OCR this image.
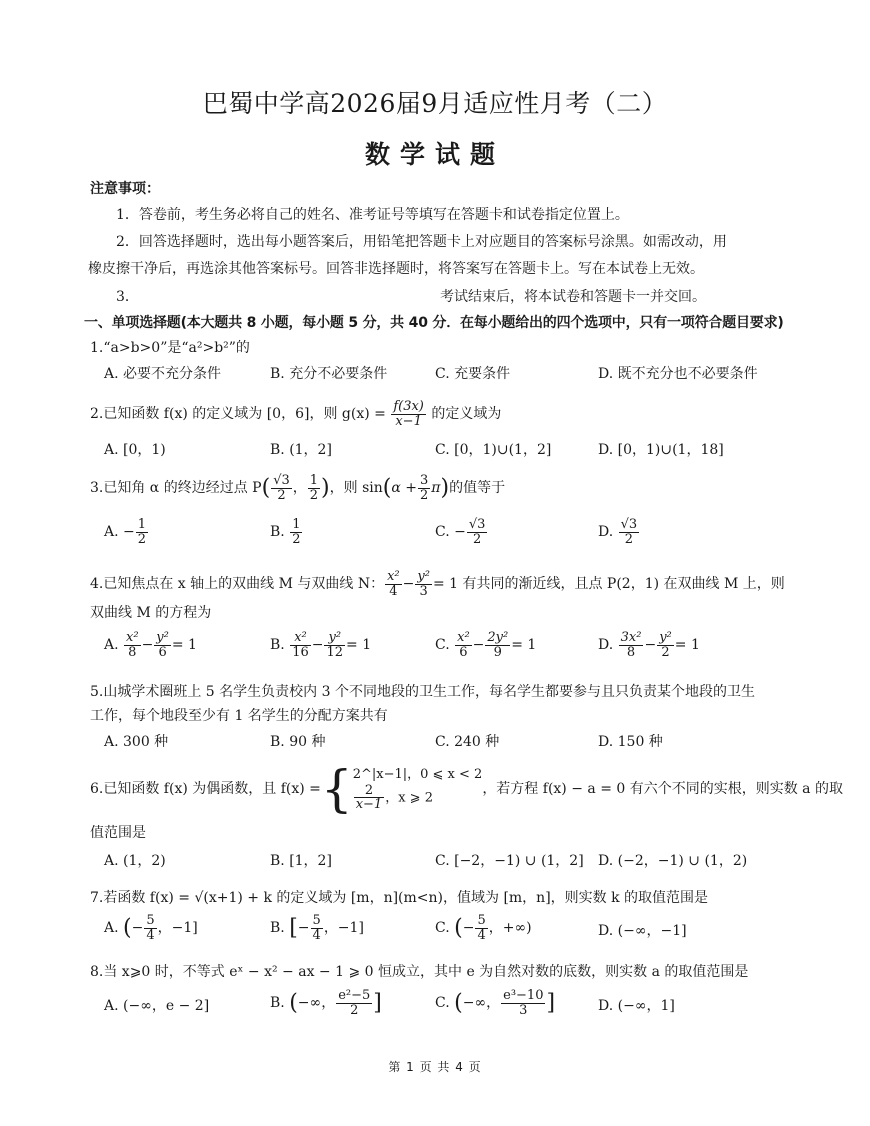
巴蜀中学高2026届9月适应性月考（二）
数学试题
注意事项：
1．答卷前，考生务必将自己的姓名、准考证号等填写在答题卡和试卷指定位置上。
2．回答选择题时，选出每小题答案后，用铅笔把答题卡上对应题目的答案标号涂黑。如需改动，用
橡皮擦干净后，再选涂其他答案标号。回答非选择题时，将答案写在答题卡上。写在本试卷上无效。
3．	考试结束后，将本试卷和答题卡一并交回。
一、单项选择题(本大题共 8 小题，每小题 5 分，共 40 分．在每小题给出的四个选项中，只有一项符合题目要求)
1.“a>b>0”是“a²>b²”的
A. 必要不充分条件	B. 充分不必要条件	C. 充要条件	D. 既不充分也不必要条件
2.已知函数 f(x) 的定义域为 [0，6]，则 $g(x) = \frac{f(3x)}{x-1}$ 的定义域为
A. [0，1)	B. (1，2]	C. [0，1)∪(1，2]	D. [0，1)∪(1，18]
3.已知角 α 的终边经过点 $P( \frac{√3}{2}$ ， $\frac{1}{2}$ )，则 $\sin(\alpha + \frac{3}{2} \pi)$的值等于
A. − $\frac{1}{2}$	B. $\frac{1}{2}$	C. − $\frac{√3}{2}$	D. $\frac{√3}{2}$
4.已知焦点在 x 轴上的双曲线 M 与双曲线 N： $\frac{\text{x²}}{4} - \frac{\text{y²}}{3} = 1$ 有共同的渐近线，且点 P(2，1) 在双曲线 M 上，则
双曲线 M 的方程为
A. $\frac{\text{x²}}{8} - \frac{\text{y²}}{6} = 1$	B. $\frac{\text{x²}}{16} - \frac{\text{y²}}{12} = 1$	C. $\frac{\text{x²}}{6} - \frac{\text{2y²}}{9} = 1$	D. $\frac{\text{3x²}}{8} - \frac{\text{y²}}{2} = 1$
5.山城学术圈班上 5 名学生负责校内 3 个不同地段的卫生工作，每名学生都要参与且只负责某个地段的卫生
工作，每个地段至少有 1 名学生的分配方案共有
A. 300 种	B. 90 种	C. 240 种	D. 150 种
6.已知函数 f(x) 为偶函数，且 f(x) ={ 2^|x−1|，0 ⩽ x < 2
$\frac{2}{x-1}$ ，x ⩾ 2
，若方程 f(x) − a = 0 有六个不同的实根，则实数 a 的取
值范围是
A. (1，2)	B. [1，2]	C. [−2，−1) ∪ (1，2] D. (−2，−1) ∪ (1，2)
7.若函数 f(x) = √(x+1) + k 的定义域为 [m，n](m<n)，值域为 [m，n]，则实数 k 的取值范围是
A. (− $\frac{5}{4}$ ，−1]	B. [− $\frac{5}{4}$ ，−1]	C. (− $\frac{5}{4}$ ，+∞)	D. (−∞，−1]
8.当 x⩾0 时，不等式 eˣ − x² − ax − 1 ⩾ 0 恒成立，其中 e 为自然对数的底数，则实数 a 的取值范围是
A. (−∞，e − 2]	B. (−∞， $\frac{\text{e²−5}}{2}$ ]	C. (−∞， $\frac{\text{e³−10}}{3}$ ]	D. (−∞，1]
第 1 页 共 4 页
